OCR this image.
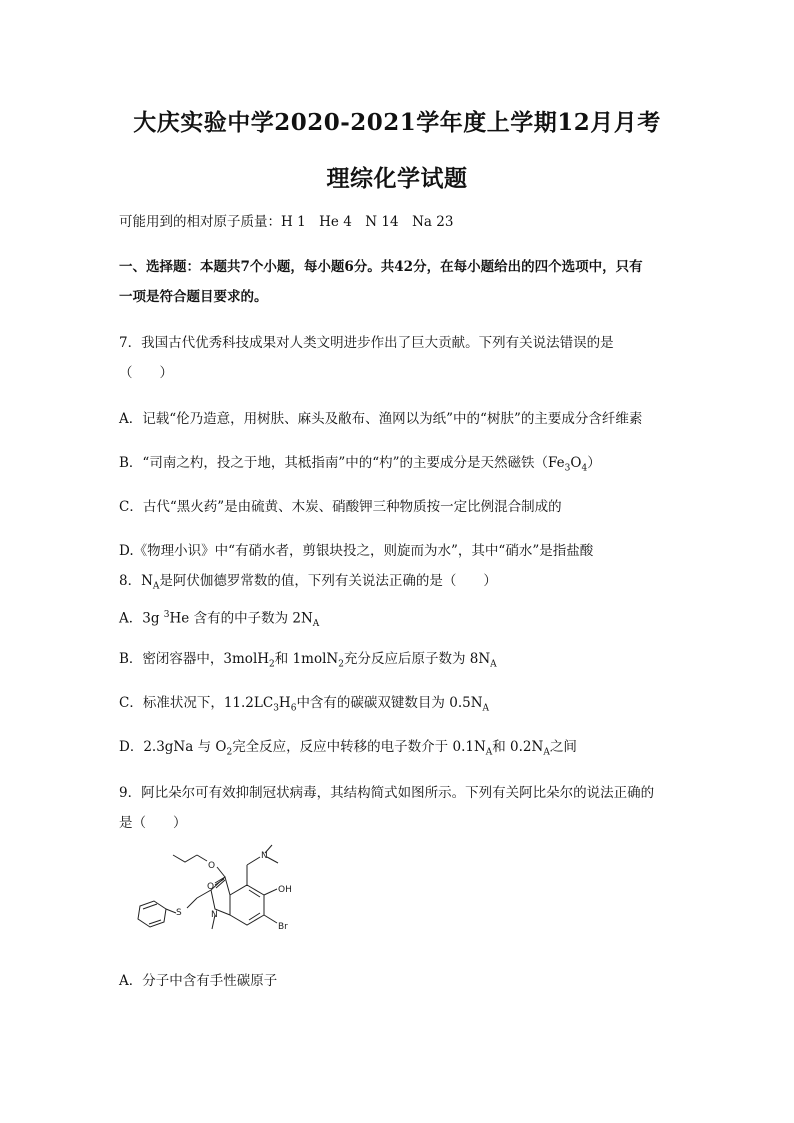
大庆实验中学2020-2021学年度上学期12月月考
理综化学试题
可能用到的相对原子质量：H 1　He 4　N 14　Na 23
一、选择题：本题共7个小题，每小题6分。共42分，在每小题给出的四个选项中，只有
一项是符合题目要求的。
7．我国古代优秀科技成果对人类文明进步作出了巨大贡献。下列有关说法错误的是
（　　）
A．记载“伦乃造意，用树肤、麻头及敝布、渔网以为纸”中的“树肤”的主要成分含纤维素
B．“司南之杓，投之于地，其柢指南”中的“杓”的主要成分是天然磁铁$(Fe_3O_4)$
C．古代“黑火药”是由硫黄、木炭、硝酸钾三种物质按一定比例混合制成的
D.《物理小识》中“有硝水者，剪银块投之，则旋而为水”，其中“硝水”是指盐酸
8．$N_A$是阿伏伽德罗常数的值，下列有关说法正确的是（　　）
A．3g $^3$He 含有的中子数为 $2N_A$
B．密闭容器中，3molH$_2$和 1molN$_2$充分反应后原子数为 $8N_A$
C．标准状况下，$11.2LC_3H_6$中含有的碳碳双键数目为 $0.5N_A$
D．2.3gNa 与 $O_2$完全反应，反应中转移的电子数介于 $0.1N_A$和 $0.2N_A$之间
9．阿比朵尔可有效抑制冠状病毒，其结构简式如图所示。下列有关阿比朵尔的说法正确的
是（　　）
O
O
N
OH
Br
N
S
A．分子中含有手性碳原子
